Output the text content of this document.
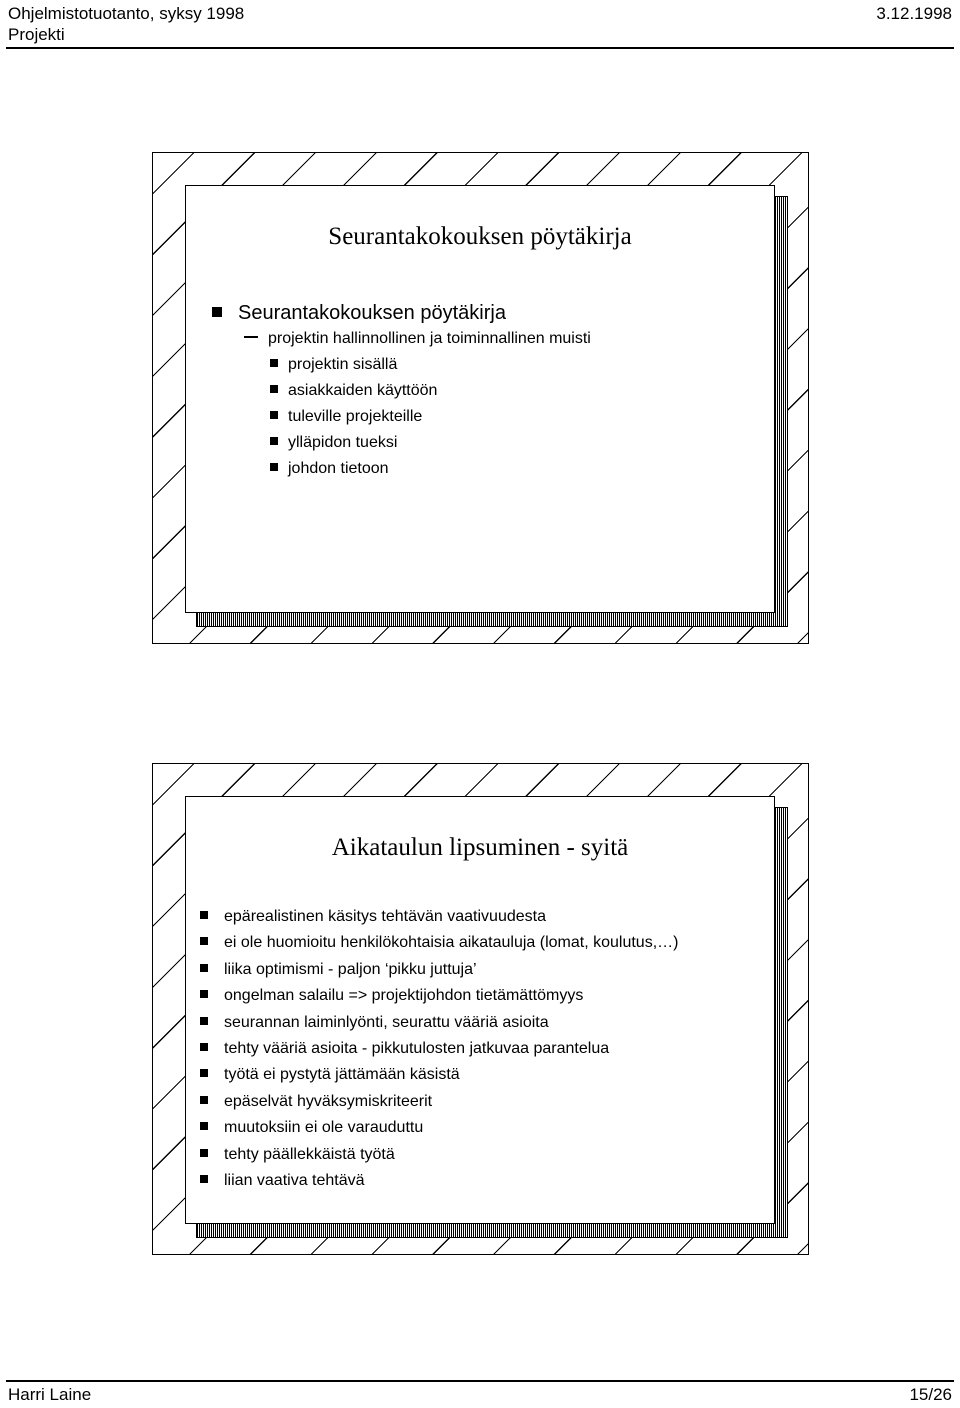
Ohjelmistotuotanto, syksy 1998
Projekti
3.12.1998
Seurantakokouksen pöytäkirja
Seurantakokouksen pöytäkirja
projektin hallinnollinen ja toiminnallinen muisti
projektin sisällä
asiakkaiden käyttöön
tuleville projekteille
ylläpidon tueksi
johdon tietoon
Aikataulun lipsuminen - syitä
epärealistinen käsitys tehtävän vaativuudesta
ei ole huomioitu henkilökohtaisia aikatauluja (lomat, koulutus,…)
liika optimismi - paljon ‘pikku juttuja’
ongelman salailu => projektijohdon tietämättömyys
seurannan laiminlyönti, seurattu vääriä asioita
tehty vääriä asioita - pikkutulosten jatkuvaa parantelua
työtä ei pystytä jättämään käsistä
epäselvät hyväksymiskriteerit
muutoksiin ei ole varauduttu
tehty päällekkäistä työtä
liian vaativa tehtävä
Harri Laine	15/26
